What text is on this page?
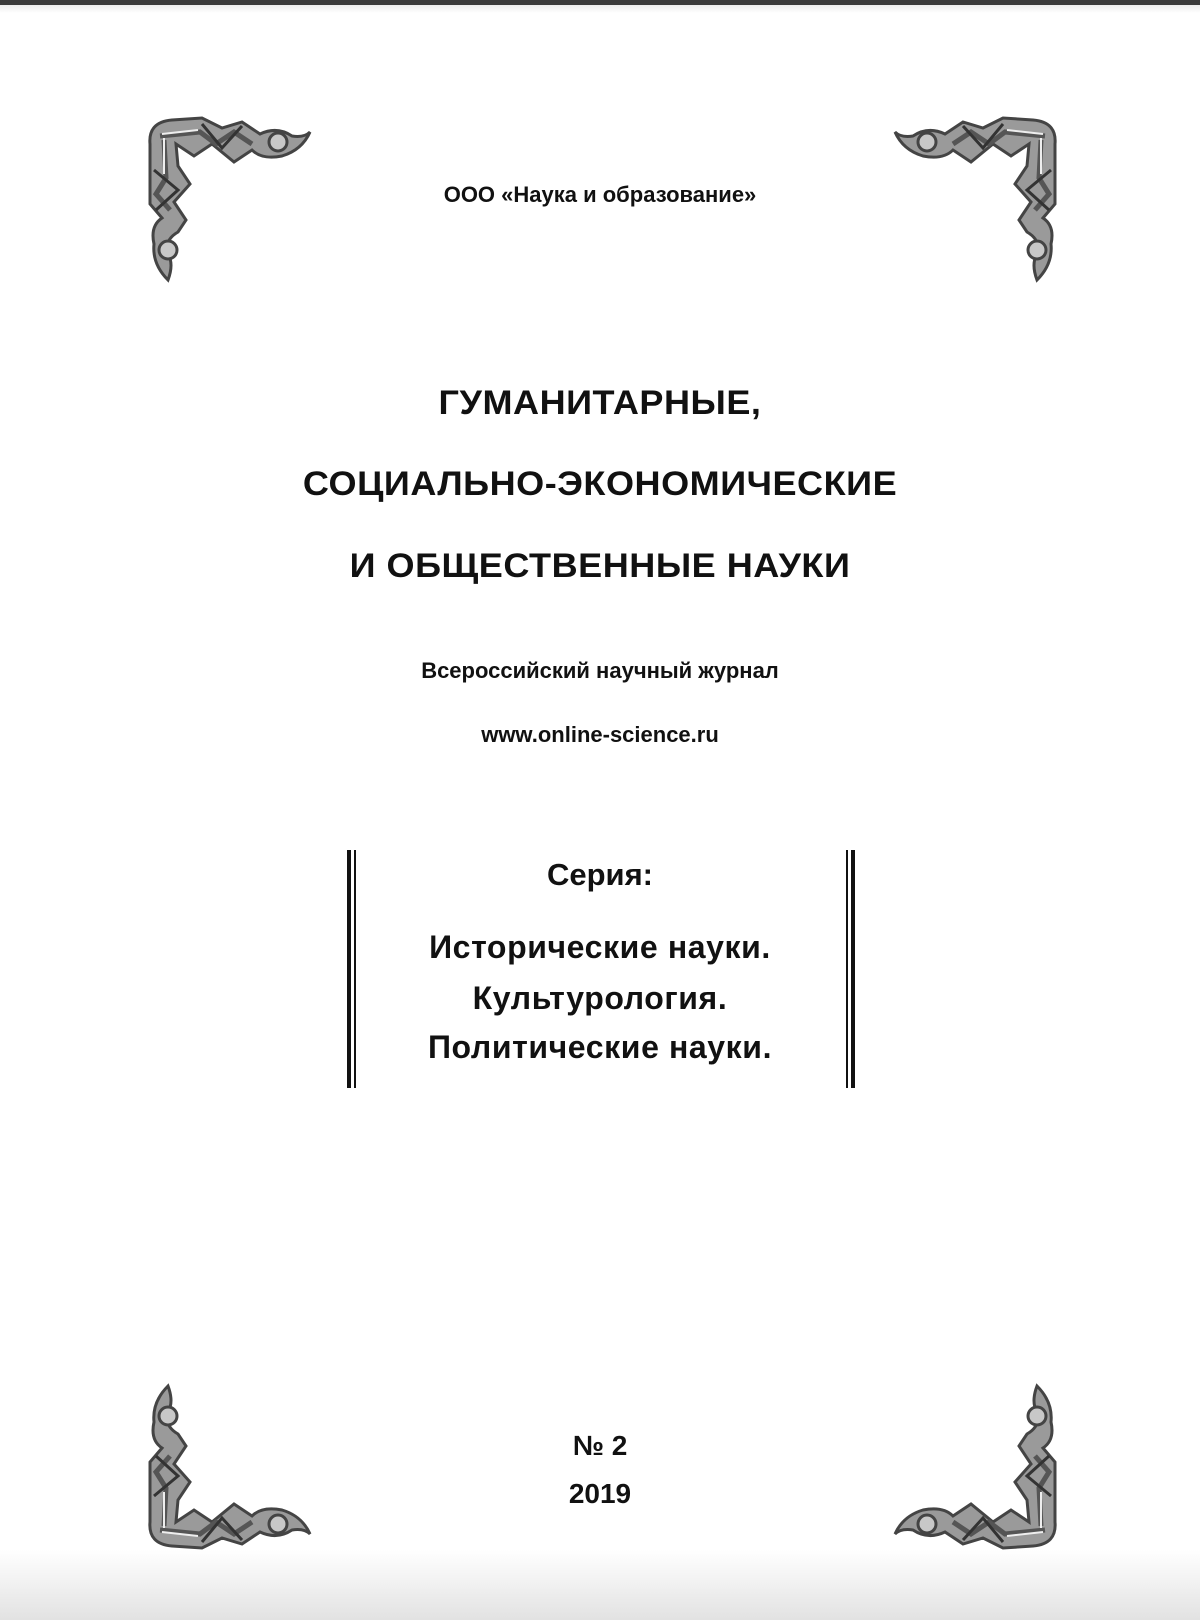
ООО «Наука и образование»
ГУМАНИТАРНЫЕ,
СОЦИАЛЬНО-ЭКОНОМИЧЕСКИЕ
И ОБЩЕСТВЕННЫЕ НАУКИ
Всероссийский научный журнал
www.online-science.ru
Серия:
Исторические науки.
Культурология.
Политические науки.
№ 2
2019
